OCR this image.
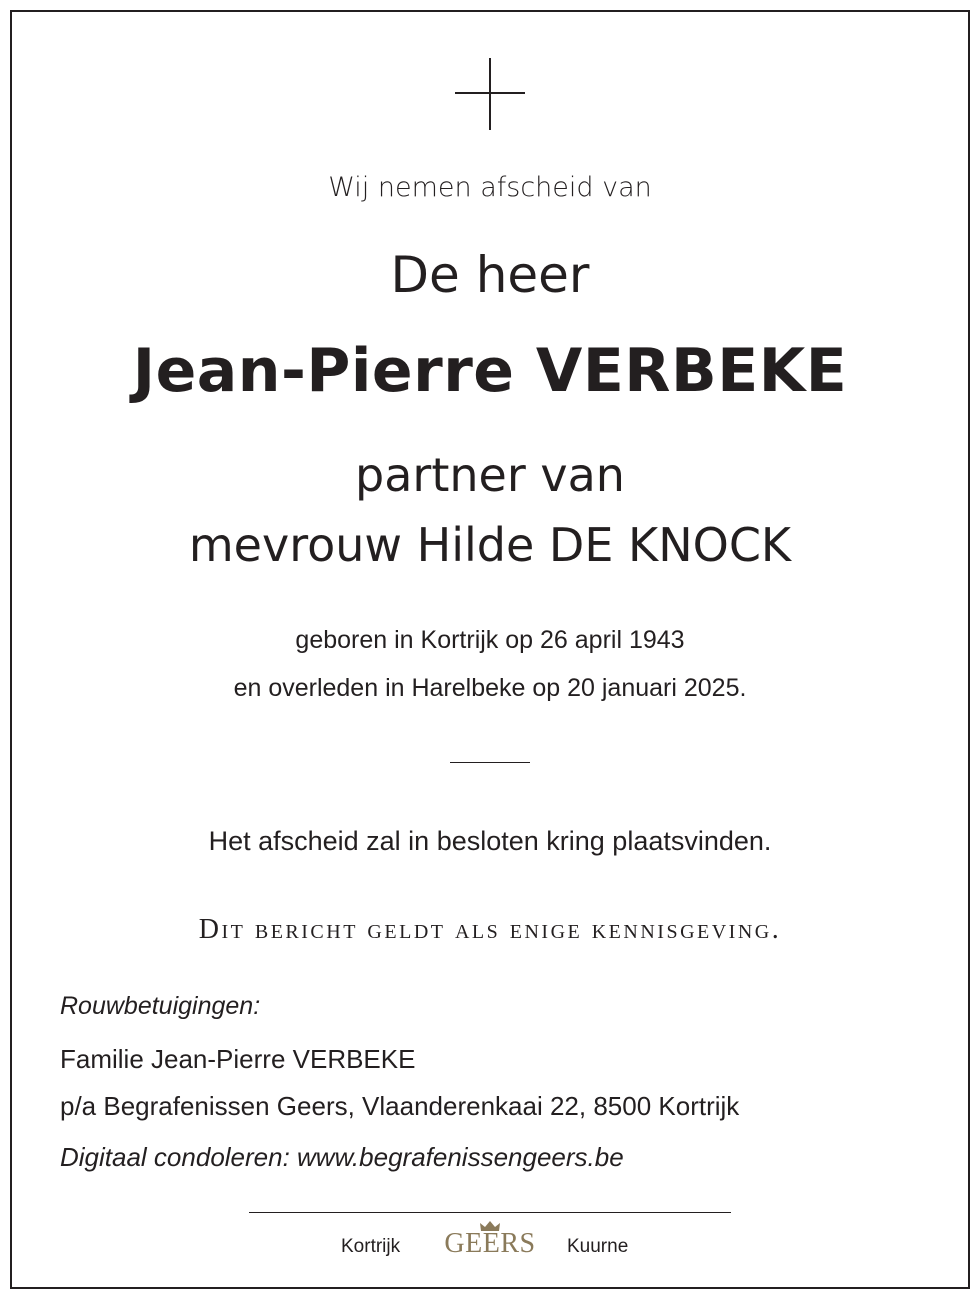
Wij nemen afscheid van
De heer
Jean-Pierre VERBEKE
partner van
mevrouw Hilde DE KNOCK
geboren in Kortrijk op 26 april 1943
en overleden in Harelbeke op 20 januari 2025.
Het afscheid zal in besloten kring plaatsvinden.
Dit bericht geldt als enige kennisgeving.
Rouwbetuigingen:
Familie Jean-Pierre VERBEKE
p/a Begrafenissen Geers, Vlaanderenkaai 22, 8500 Kortrijk
Digitaal condoleren: www.begrafenissengeers.be
Kortrijk GEERS	Kuurne
